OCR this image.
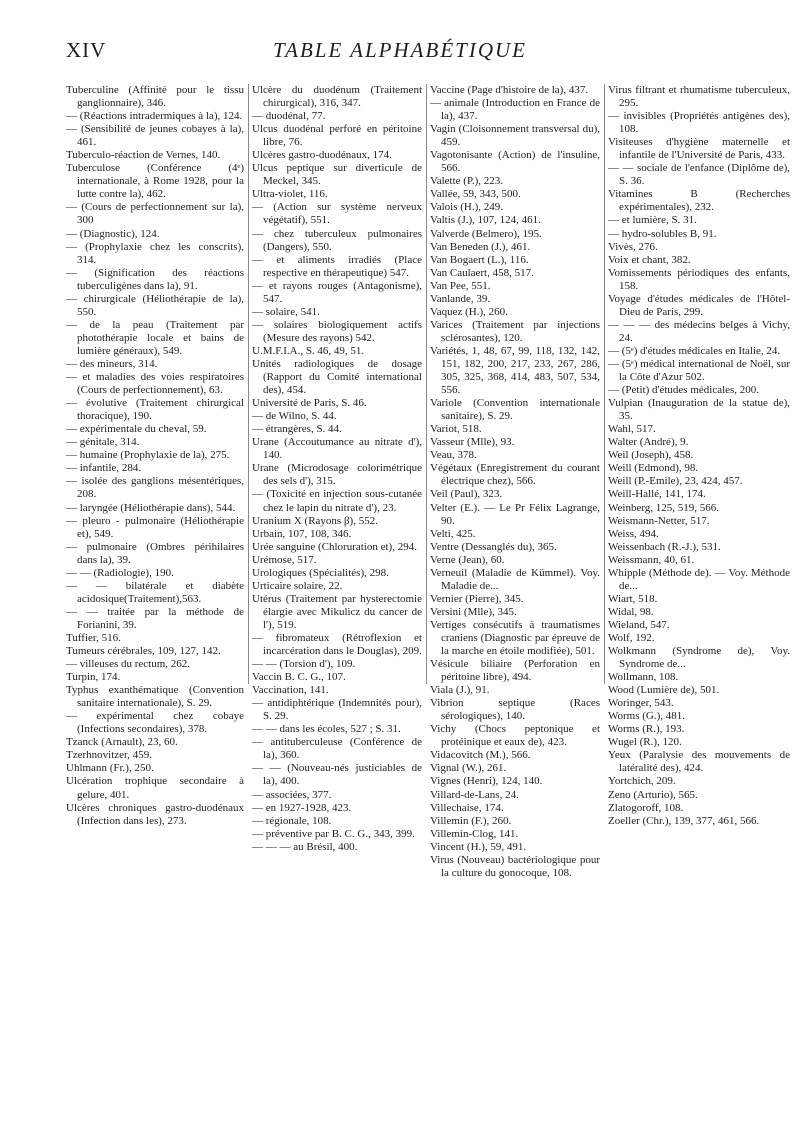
XIV	TABLE ALPHABÉTIQUE

Tuberculine (Affinité pour le tissu ganglionnaire), 346.

— (Réactions intradermiques à la), 124.

— (Sensibilité de jeunes cobayes à la), 461.

Tuberculo-réaction de Vernes, 140.

Tuberculose (Conférence (4ᵉ) internationale, à Rome 1928, pour la lutte contre la), 462.

— (Cours de perfectionnement sur la), 300

— (Diagnostic), 124.

— (Prophylaxie chez les conscrits), 314.

— (Signification des réactions tuberculigènes dans la), 91.

— chirurgicale (Héliothérapie de la), 550.

— de la peau (Traitement par photothérapie locale et bains de lumière généraux), 549.

— des mineurs, 314.

— et maladies des voies respiratoires (Cours de perfectionnement), 63.

— évolutive (Traitement chirurgical thoracique), 190.

— expérimentale du cheval, 59.

— génitale, 314.

— humaine (Prophylaxie de la), 275.

— infantile, 284.

— isolée des ganglions mésentériques, 208.

— laryngée (Héliothérapie dans), 544.

— pleuro - pulmonaire (Héliothérapie et), 549.

— pulmonaire (Ombres périhilaires dans la), 39.

— — (Radiologie), 190.

— — bilatérale et diabète acidosique(Traitement),563.

— — traitée par la méthode de Forianini, 39.

Tuffier, 516.

Tumeurs cérébrales, 109, 127, 142.

— villeuses du rectum, 262.

Turpin, 174.

Typhus exanthématique (Convention sanitaire internationale), S. 29.

— expérimental chez cobaye (Infections secondaires), 378.

Tzanck (Arnault), 23, 60.

Tzerhnovitzer, 459.

Uhlmann (Fr.), 250.

Ulcération trophique secondaire à gelure, 401.

Ulcères chroniques gastro-duodénaux (Infection dans les), 273.

Ulcère du duodénum (Traitement chirurgical), 316, 347.

— duodénal, 77.

Ulcus duodénal perforé en péritoine libre, 76.

Ulcères gastro-duodénaux, 174.

Ulcus peptique sur diverticule de Meckel, 345.

Ultra-violet, 116.

— (Action sur système nerveux végétatif), 551.

— chez tuberculeux pulmonaires (Dangers), 550.

— et aliments irradiés (Place respective en thérapeutique) 547.

— et rayons rouges (Antagonisme), 547.

— solaire, 541.

— solaires biologiquement actifs (Mesure des rayons) 542.

U.M.F.I.A., S. 46, 49, 51.

Unités radiologiques de dosage (Rapport du Comité international des), 454.

Université de Paris, S. 46.

— de Wilno, S. 44.

— étrangères, S. 44.

Urane (Accoutumance au nitrate d'), 140.

Urane (Microdosage colorimétrique des sels d'), 315.

— (Toxicité en injection sous-cutanée chez le lapin du nitrate d'), 23.

Uranium X (Rayons β), 552.

Urbain, 107, 108, 346.

Urée sanguine (Chloruration et), 294.

Urémose, 517.

Urologiques (Spécialités), 298.

Urticaire solaire, 22.

Utérus (Traitement par hysterectomie élargie avec Mikulicz du cancer de l'), 519.

— fibromateux (Rétroflexion et incarcération dans le Douglas), 209.

— — (Torsion d'), 109.

Vaccin B. C. G., 107.

Vaccination, 141.

— antidiphtérique (Indemnités pour), S. 29.

— — dans les écoles, 527 ; S. 31.

— antituberculeuse (Conférence de la), 360.

— — (Nouveau-nés justiciables de la), 400.

— associées, 377.

— en 1927-1928, 423.

— régionale, 108.

— préventive par B. C. G., 343, 399.

— — — au Brésil, 400.

Vaccine (Page d'histoire de la), 437.

— animale (Introduction en France de la), 437.

Vagin (Cloisonnement transversal du), 459.

Vagotonisante (Action) de l'insuline, 566.

Valette (P.), 223.

Vallée, 59, 343, 500.

Valois (H.), 249.

Valtis (J.), 107, 124, 461.

Valverde (Belmero), 195.

Van Beneden (J.), 461.

Van Bogaert (L.), 116.

Van Caulaert, 458, 517.

Van Pee, 551.

Vanlande, 39.

Vaquez (H.), 260.

Varices (Traitement par injections sclérosantes), 120.

Variétés, 1, 48, 67, 99, 118, 132, 142, 151, 182, 200, 217, 233, 267, 286, 305, 325, 368, 414, 483, 507, 534, 556.

Variole (Convention internationale sanitaire), S. 29.

Variot, 518.

Vasseur (Mlle), 93.

Veau, 378.

Végétaux (Enregistrement du courant électrique chez), 566.

Veil (Paul), 323.

Velter (E.). — Le Pr Félix Lagrange, 90.

Velti, 425.

Ventre (Dessanglés du), 365.

Verne (Jean), 60.

Verneuil (Maladie de Kümmel). Voy. Maladie de...

Vernier (Pierre), 345.

Versini (Mlle), 345.

Vertiges consécutifs à traumatismes craniens (Diagnostic par épreuve de la marche en étoile modifiée), 501.

Vésicule biliaire (Perforation en péritoine libre), 494.

Viala (J.), 91.

Vibrion septique (Races sérologiques), 140.

Vichy (Chocs peptonique et protéinique et eaux de), 423.

Vidacovitch (M.), 566.

Vignal (W.), 261.

Vignes (Henri), 124, 140.

Villard-de-Lans, 24.

Villechaise, 174.

Villemin (F.), 260.

Villemin-Clog, 141.

Vincent (H.), 59, 491.

Virus (Nouveau) bactériologique pour la culture du gonocoque, 108.

Virus filtrant et rhumatisme tuberculeux, 295.

— invisibles (Propriétés antigènes des), 108.

Visiteuses d'hygiène maternelle et infantile de l'Université de Paris, 433.

— — sociale de l'enfance (Diplôme de), S. 36.

Vitamines B (Recherches expérimentales), 232.

— et lumière, S. 31.

— hydro-solubles B, 91.

Vivès, 276.

Voix et chant, 382.

Vomissements périodiques des enfants, 158.

Voyage d'études médicales de l'Hôtel-Dieu de Paris, 299.

— — — des médecins belges à Vichy, 24.

— (5ᵉ) d'études médicales en Italie, 24.

— (5ᵉ) médical international de Noël, sur la Côte d'Azur 502.

— (Petit) d'études médicales, 200.

Vulpian (Inauguration de la statue de), 35.

Wahl, 517.

Walter (André), 9.

Weil (Joseph), 458.

Weill (Edmond), 98.

Weill (P.-Emile), 23, 424, 457.

Weill-Hallé, 141, 174.

Weinberg, 125, 519, 566.

Weismann-Netter, 517.

Weiss, 494.

Weissenbach (R.-J.), 531.

Weissmann, 40, 61.

Whipple (Méthode de). — Voy. Méthode de...

Wiart, 518.

Widal, 98.

Wieland, 547.

Wolf, 192.

Wolkmann (Syndrome de), Voy. Syndrome de...

Wollmann, 108.

Wood (Lumière de), 501.

Woringer, 543.

Worms (G.), 481.

Worms (R.), 193.

Wugel (R.), 120.

Yeux (Paralysie des mouvements de latéralité des), 424.

Yortchich, 209.

Zeno (Arturio), 565.

Zlatogoroff, 108.

Zoeller (Chr.), 139, 377, 461, 566.
